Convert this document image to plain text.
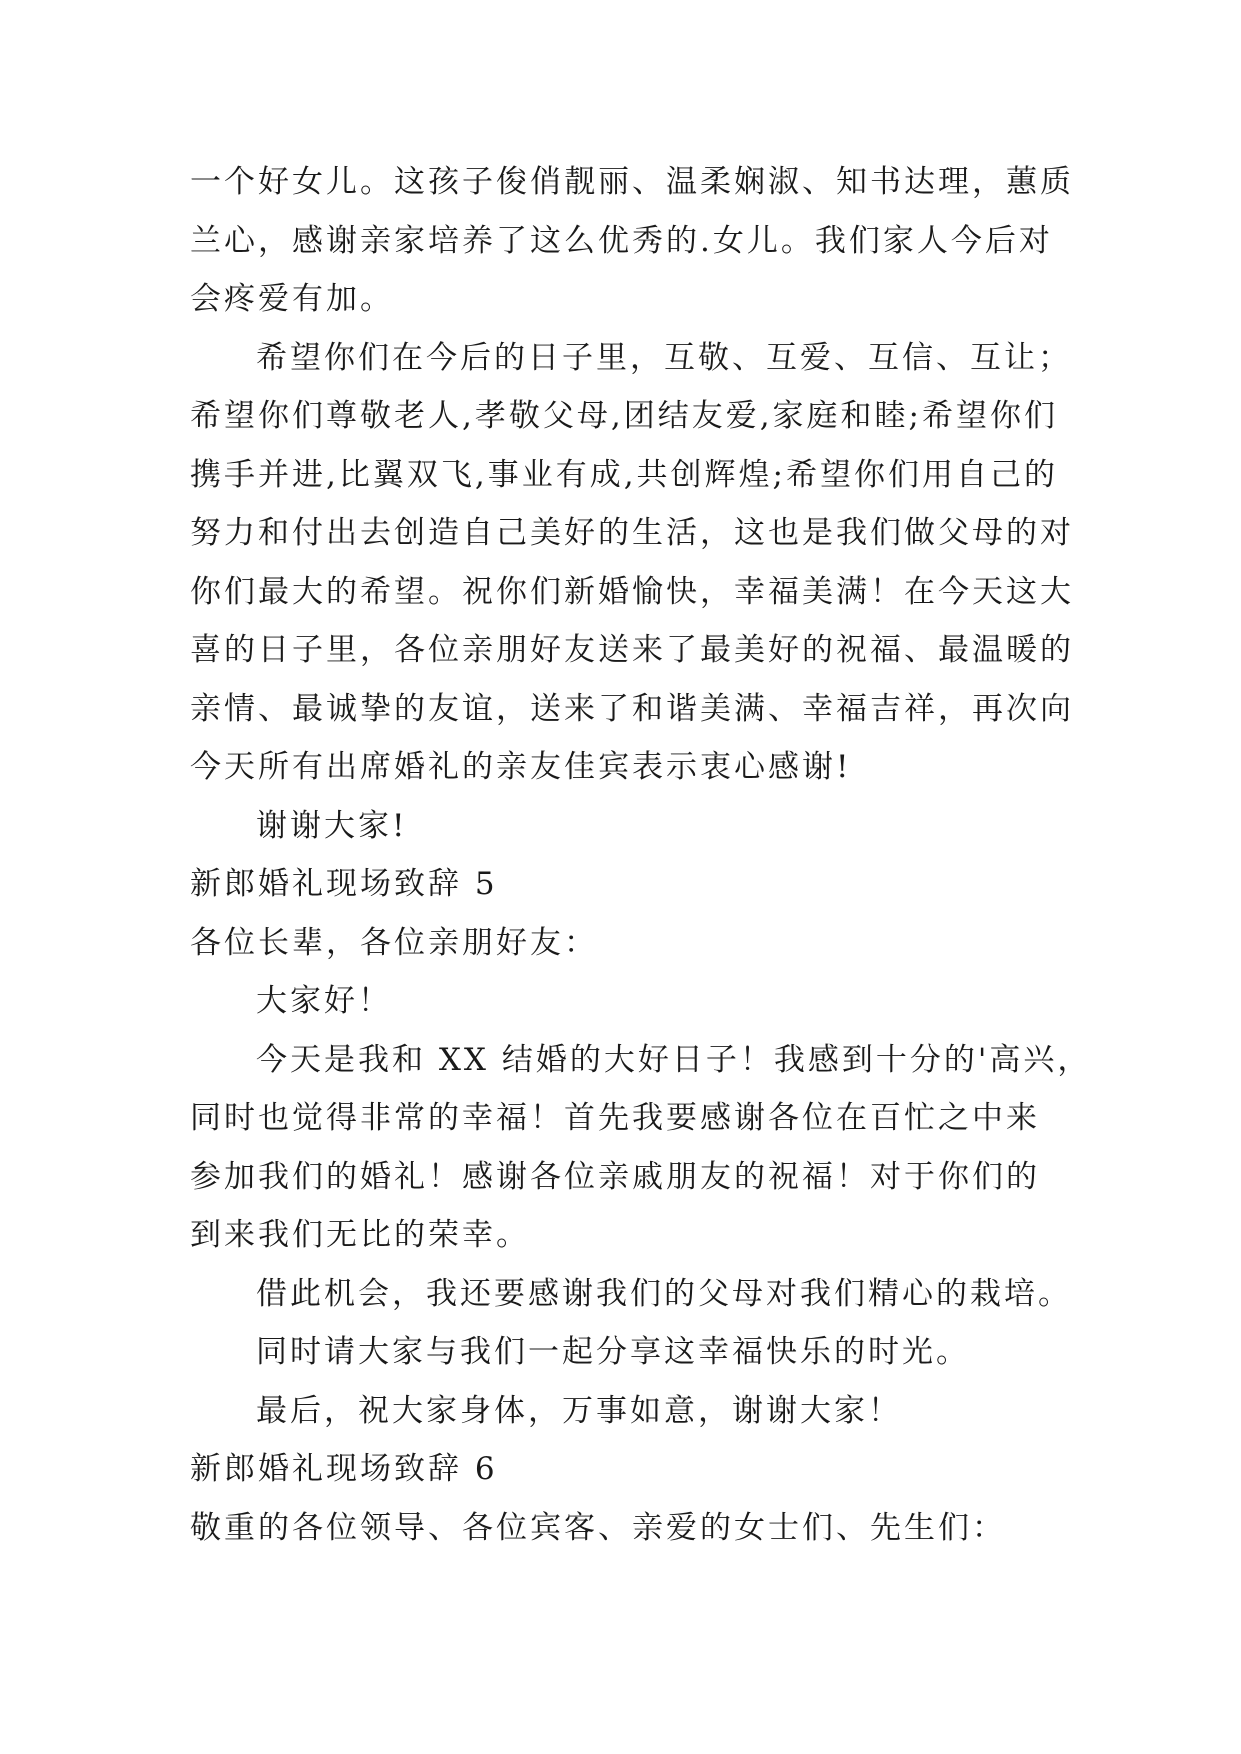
一个好女儿。这孩子俊俏靓丽、温柔娴淑、知书达理，蕙质
兰心，感谢亲家培养了这么优秀的.女儿。我们家人今后对
会疼爱有加。
希望你们在今后的日子里，互敬、互爱、互信、互让；
希望你们尊敬老人,孝敬父母,团结友爱,家庭和睦;希望你们
携手并进,比翼双飞,事业有成,共创辉煌;希望你们用自己的
努力和付出去创造自己美好的生活，这也是我们做父母的对
你们最大的希望。祝你们新婚愉快，幸福美满！在今天这大
喜的日子里，各位亲朋好友送来了最美好的祝福、最温暖的
亲情、最诚挚的友谊，送来了和谐美满、幸福吉祥，再次向
今天所有出席婚礼的亲友佳宾表示衷心感谢!
谢谢大家!
新郎婚礼现场致辞 5
各位长辈，各位亲朋好友：
大家好！
今天是我和 XX 结婚的大好日子！我感到十分的'高兴，
同时也觉得非常的幸福！首先我要感谢各位在百忙之中来
参加我们的婚礼！感谢各位亲戚朋友的祝福！对于你们的
到来我们无比的荣幸。
借此机会，我还要感谢我们的父母对我们精心的栽培。
同时请大家与我们一起分享这幸福快乐的时光。
最后，祝大家身体，万事如意，谢谢大家！
新郎婚礼现场致辞 6
敬重的各位领导、各位宾客、亲爱的女士们、先生们：
